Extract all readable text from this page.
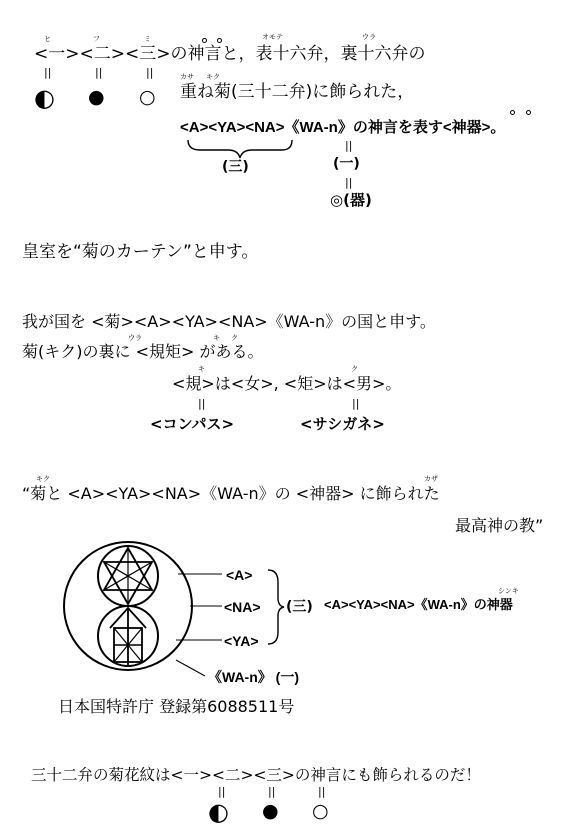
ヒ	フ	ミ	オモテ	ウラ
<一><二><三>の神言と，表十六弁，裏十六弁の
||	||	||
◐ ● ○
カサ キク
重ね菊(三十二弁)に飾られた，
<A><YA><NA>《WA-n》の神言を表す<神器>。
(三)
||
(一)
||
◎(器)
皇室を“菊のカーテン”と申す。
我が国を <菊><A><YA><NA>《WA-n》の国と申す。
ウラ	キ ク
菊(キク)の裏に <規矩> がある。
キ	ク
<規>は<女>, <矩>は<男>。
||	||
<コンパス>	<サシガネ>
キク	カザ
“菊と <A><YA><NA>《WA-n》の <神器> に飾られた
最高神の教”
<A>
<NA>
<YA>
(三)
シンキ
<A><YA><NA>《WA-n》の神器
《WA-n》 (一)
日本国特許庁 登録第6088511号
三十二弁の菊花紋は<一><二><三>の神言にも飾られるのだ！
||	||	||
◐ ● ○
